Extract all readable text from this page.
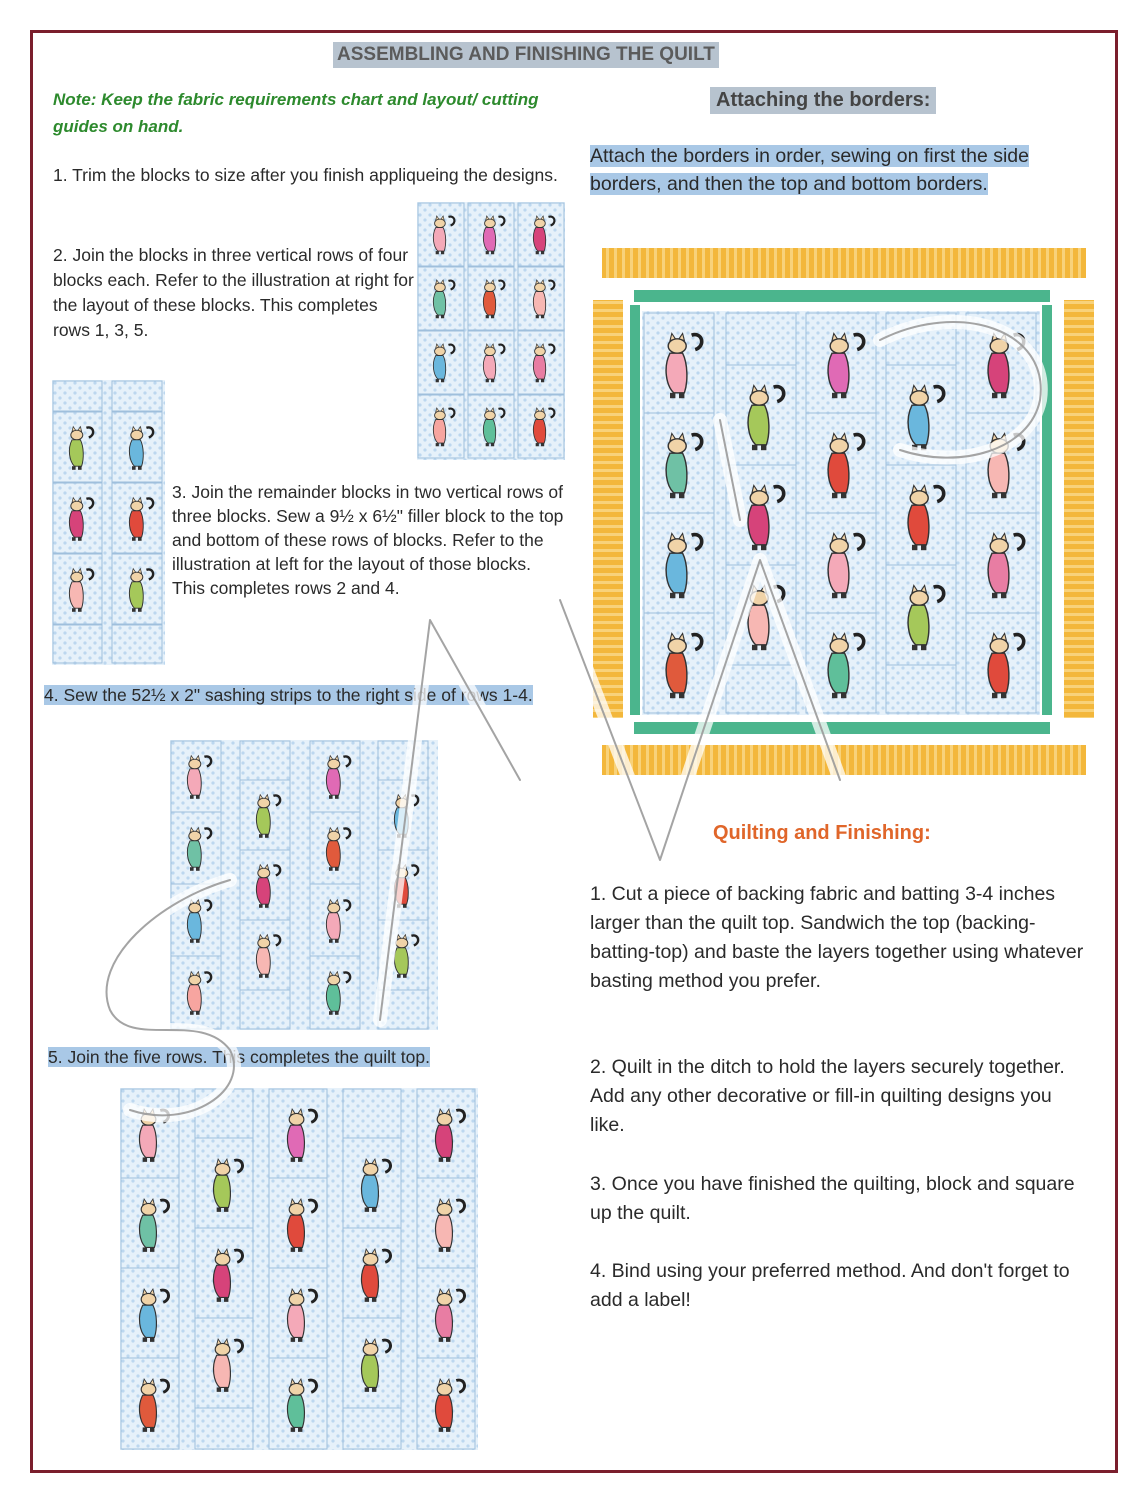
ASSEMBLING AND FINISHING THE QUILT
Note: Keep the fabric requirements chart and layout/ cutting guides on hand.
1. Trim the blocks to size after you finish appliqueing the designs.
2. Join the blocks in three vertical rows of four blocks each. Refer to the illustration at right for the layout of these blocks. This completes rows 1, 3, 5.
3. Join the remainder blocks in two vertical rows of three blocks. Sew a 9½ x 6½" filler block to the top and bottom of these rows of blocks. Refer to the illustration at left for the layout of those blocks. This completes rows 2 and 4.
4. Sew the 52½ x 2" sashing strips to the right side of rows 1-4.
5. Join the five rows. This completes the quilt top.
Attaching the borders:
Attach the borders in order, sewing on first the side borders, and then the top and bottom borders.
Quilting and Finishing:
1. Cut a piece of backing fabric and batting 3-4 inches larger than the quilt top. Sandwich the top (backing-batting-top) and baste the layers together using whatever basting method you prefer.
2. Quilt in the ditch to hold the layers securely together. Add any other decorative or fill-in quilting designs you like.
3. Once you have finished the quilting, block and square up the quilt.
4. Bind using your preferred method. And don't forget to add a label!
